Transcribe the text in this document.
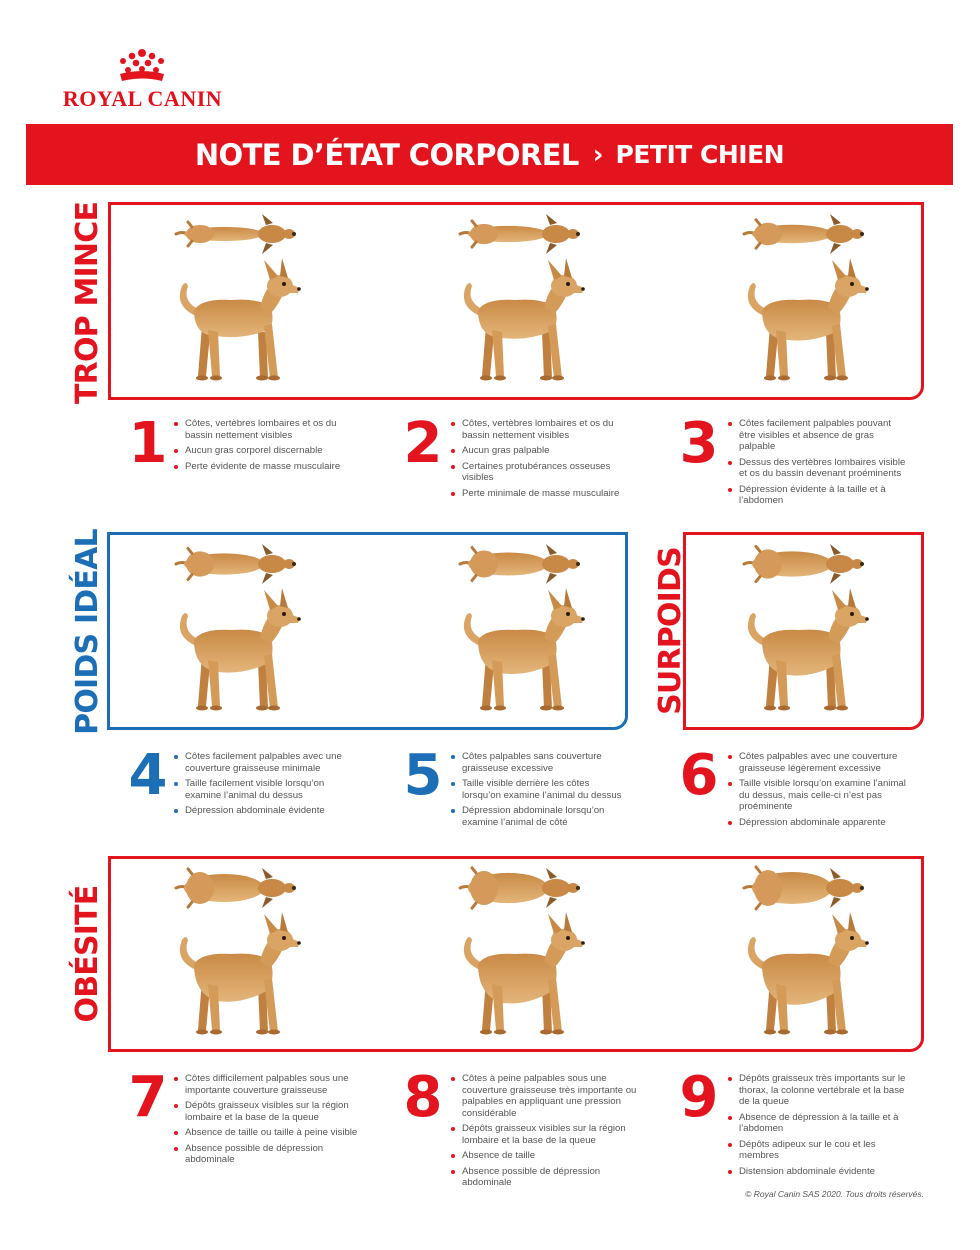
ROYAL CANIN
NOTE D’ÉTAT CORPOREL › PETIT CHIEN
TROP MINCE
POIDS IDÉAL	SURPOIDS
OBÉSITÉ
1	2	3
4	5	6
7	8	9
Côtes, vertèbres lombaires et os du bassin nettement visibles
Aucun gras corporel discernable
Perte évidente de masse musculaire
Côtes, vertèbres lombaires et os du bassin nettement visibles
Aucun gras palpable
Certaines protubérances osseuses visibles
Perte minimale de masse musculaire
Côtes facilement palpables pouvant être visibles et absence de gras palpable
Dessus des vertèbres lombaires visible et os du bassin devenant proéminents
Dépression évidente à la taille et à l’abdomen
Côtes facilement palpables avec une couverture graisseuse minimale
Taille facilement visible lorsqu’on examine l’animal du dessus
Dépression abdominale évidente
Côtes palpables sans couverture graisseuse excessive
Taille visible derrière les côtes lorsqu’on examine l’animal du dessus
Dépression abdominale lorsqu’on examine l’animal de côté
Côtes palpables avec une couverture graisseuse légèrement excessive
Taille visible lorsqu’on examine l’animal du dessus, mais celle-ci n’est pas proéminente
Dépression abdominale apparente
Côtes difficilement palpables sous une importante couverture graisseuse
Dépôts graisseux visibles sur la région lombaire et la base de la queue
Absence de taille ou taille à peine visible
Absence possible de dépression abdominale
Côtes à peine palpables sous une couverture graisseuse très importante ou palpables en appliquant une pression considérable
Dépôts graisseux visibles sur la région lombaire et la base de la queue
Absence de taille
Absence possible de dépression abdominale
Dépôts graisseux très importants sur le thorax, la colonne vertébrale et la base de la queue
Absence de dépression à la taille et à l’abdomen
Dépôts adipeux sur le cou et les membres
Distension abdominale évidente
© Royal Canin SAS 2020. Tous droits réservés.
